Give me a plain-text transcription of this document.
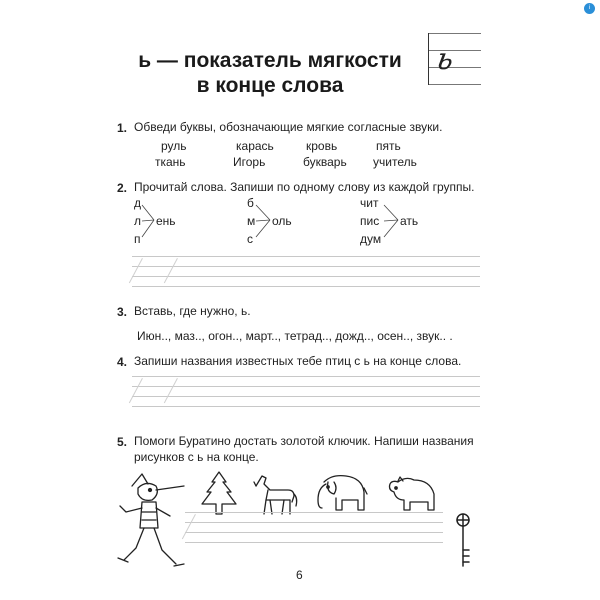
i
ь — показатель мягкости
в конце слова
ь
1. Обведи буквы, обозначающие мягкие согласные звуки.
руль	карась	кровь	пять
ткань	Игорь	букварь учитель
2. Прочитай слова. Запиши по одному слову из каждой группы.
д
л
п
ень
б
м
с
оль
чит
пис
дум
ать
3. Вставь, где нужно, ь.
Июн.., маз.., огон.., март.., тетрад.., дожд.., осен.., звук.. .
4. Запиши названия известных тебе птиц с ь на конце слова.
5. Помоги Буратино достать золотой ключик. Напиши названия
рисунков с ь на конце.
6
